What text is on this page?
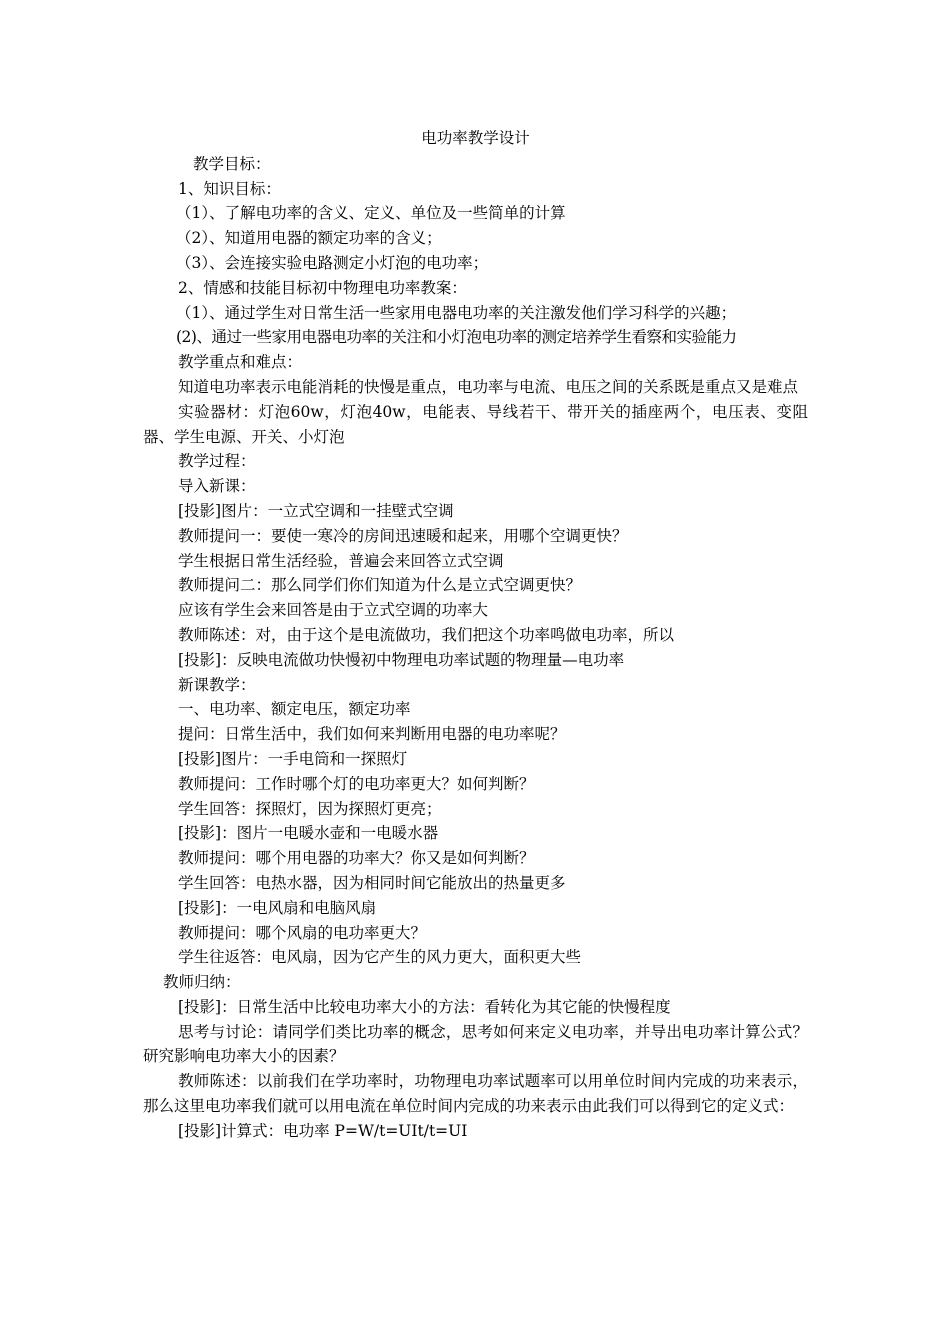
电功率教学设计

教学目标：

1、知识目标：

（1）、了解电功率的含义、定义、单位及一些简单的计算

（2）、知道用电器的额定功率的含义；

（3）、会连接实验电路测定小灯泡的电功率；

2、情感和技能目标初中物理电功率教案：

（1）、通过学生对日常生活一些家用电器电功率的关注激发他们学习科学的兴趣；

(2)、通过一些家用电器电功率的关注和小灯泡电功率的测定培养学生看察和实验能力

教学重点和难点：

知道电功率表示电能消耗的快慢是重点，电功率与电流、电压之间的关系既是重点又是难点

实验器材：灯泡60w，灯泡40w，电能表、导线若干、带开关的插座两个，电压表、变阻器、学生电源、开关、小灯泡

教学过程：

导入新课：

[投影]图片：一立式空调和一挂壁式空调

教师提问一：要使一寒冷的房间迅速暖和起来，用哪个空调更快？

学生根据日常生活经验，普遍会来回答立式空调

教师提问二：那么同学们你们知道为什么是立式空调更快？

应该有学生会来回答是由于立式空调的功率大

教师陈述：对，由于这个是电流做功，我们把这个功率鸣做电功率，所以

[投影]：反映电流做功快慢初中物理电功率试题的物理量—电功率

新课教学：

一、电功率、额定电压，额定功率

提问：日常生活中，我们如何来判断用电器的电功率呢？

[投影]图片：一手电筒和一探照灯

教师提问：工作时哪个灯的电功率更大？如何判断？

学生回答：探照灯，因为探照灯更亮；

[投影]：图片一电暖水壶和一电暖水器

教师提问：哪个用电器的功率大？你又是如何判断？

学生回答：电热水器，因为相同时间它能放出的热量更多

[投影]：一电风扇和电脑风扇

教师提问：哪个风扇的电功率更大？

学生往返答：电风扇，因为它产生的风力更大，面积更大些

教师归纳：

[投影]：日常生活中比较电功率大小的方法：看转化为其它能的快慢程度

思考与讨论：请同学们类比功率的概念，思考如何来定义电功率，并导出电功率计算公式？研究影响电功率大小的因素？

教师陈述：以前我们在学功率时，功物理电功率试题率可以用单位时间内完成的功来表示，那么这里电功率我们就可以用电流在单位时间内完成的功来表示由此我们可以得到它的定义式：

[投影]计算式：电功率 P=W/t=UIt/t=UI
